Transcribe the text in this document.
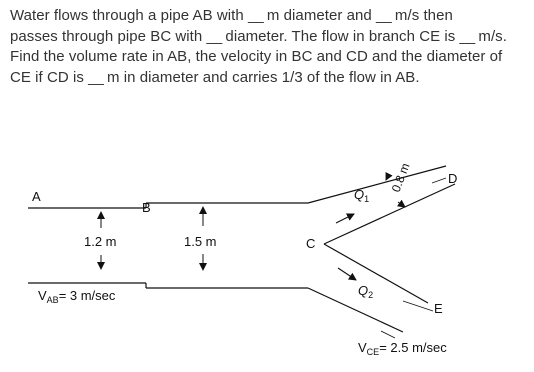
Water flows through a pipe AB with __ m diameter and __ m/s then
passes through pipe BC with __ diameter. The flow in branch CE is __ m/s.
Find the volume rate in AB, the velocity in BC and CD and the diameter of
CE if CD is __ m in diameter and carries 1/3 of the flow in AB.
A
B
C
D
E
1.2 m	1.5 m
0.8 m
$Q_1$
$Q_2$
$V_{AB}= 3$ m/sec
$V_{CE}= 2.5$ m/sec
